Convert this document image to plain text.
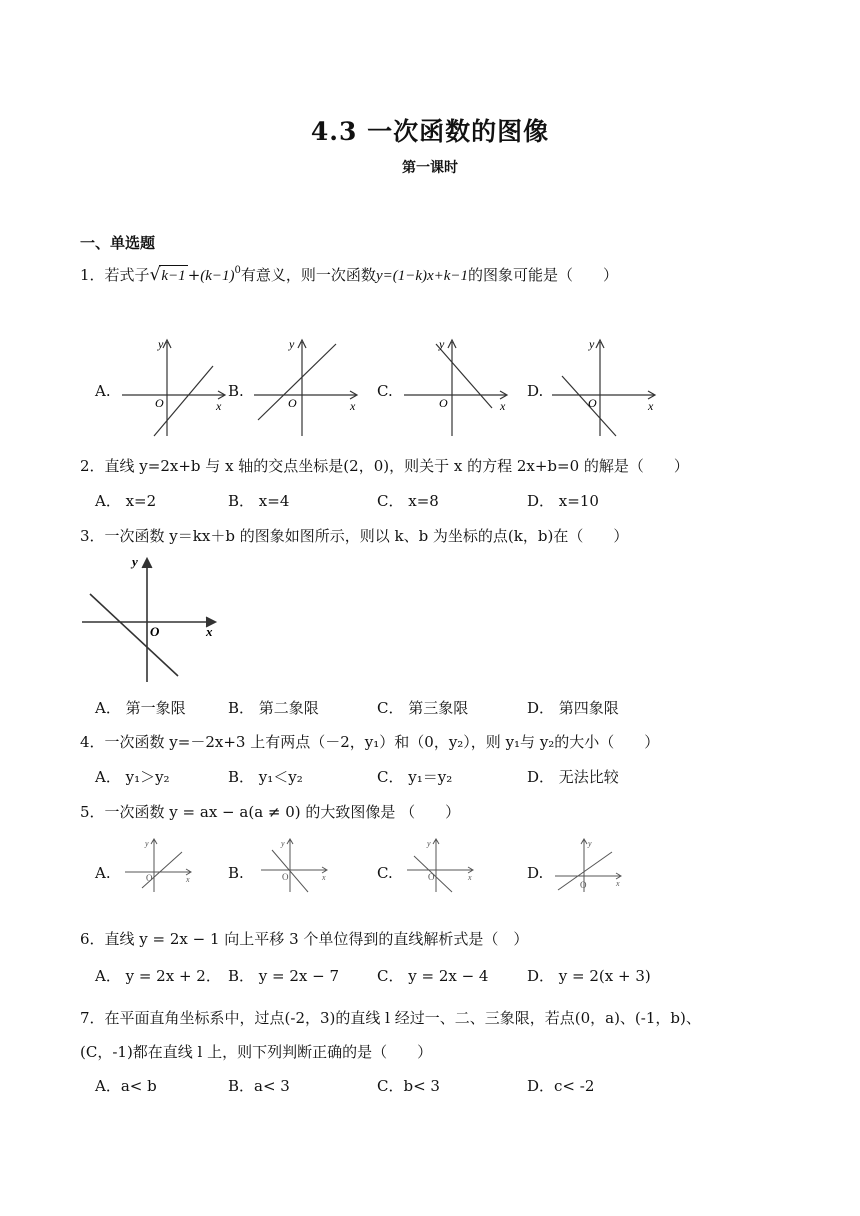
4.3 一次函数的图像
第一课时
一、单选题
1．若式子$√k-1 +(k-1)^0$有意义，则一次函数y=(1−k)x+k−1的图象可能是（　　）
A.
y
x
O
B.
y
x
O
C.
y
x
O
D.
y
x
O
2．直线 y=2x+b 与 x 轴的交点坐标是(2，0)，则关于 x 的方程 2x+b=0 的解是（　　）
A． x=2	B． x=4	C． x=8	D． x=10
3．一次函数 y＝kx＋b 的图象如图所示，则以 k、b 为坐标的点(k，b)在（　　）
y
x
O
A． 第一象限	B． 第二象限	C． 第三象限	D． 第四象限
4．一次函数 y=－2x+3 上有两点（－2，y₁）和（0，y₂），则 y₁与 y₂的大小（　　）
A． y₁＞y₂	B． y₁＜y₂	C． y₁＝y₂	D． 无法比较
5．一次函数 y = ax − a(a ≠ 0) 的大致图像是 （　　）
A.
y
x
O	B.
y
x
O	C.
y
x
O	D.
y
x
O
6．直线 y = 2x − 1 向上平移 3 个单位得到的直线解析式是（　）
A． y = 2x + 2． B． y = 2x − 7	C． y = 2x − 4	D． y = 2(x + 3)
7．在平面直角坐标系中，过点(-2，3)的直线 l 经过一、二、三象限，若点(0，a)、(-1，b)、
(C，-1)都在直线 l 上，则下列判断正确的是（　　）
A．a< b	B．a< 3	C．b< 3	D．c< -2
